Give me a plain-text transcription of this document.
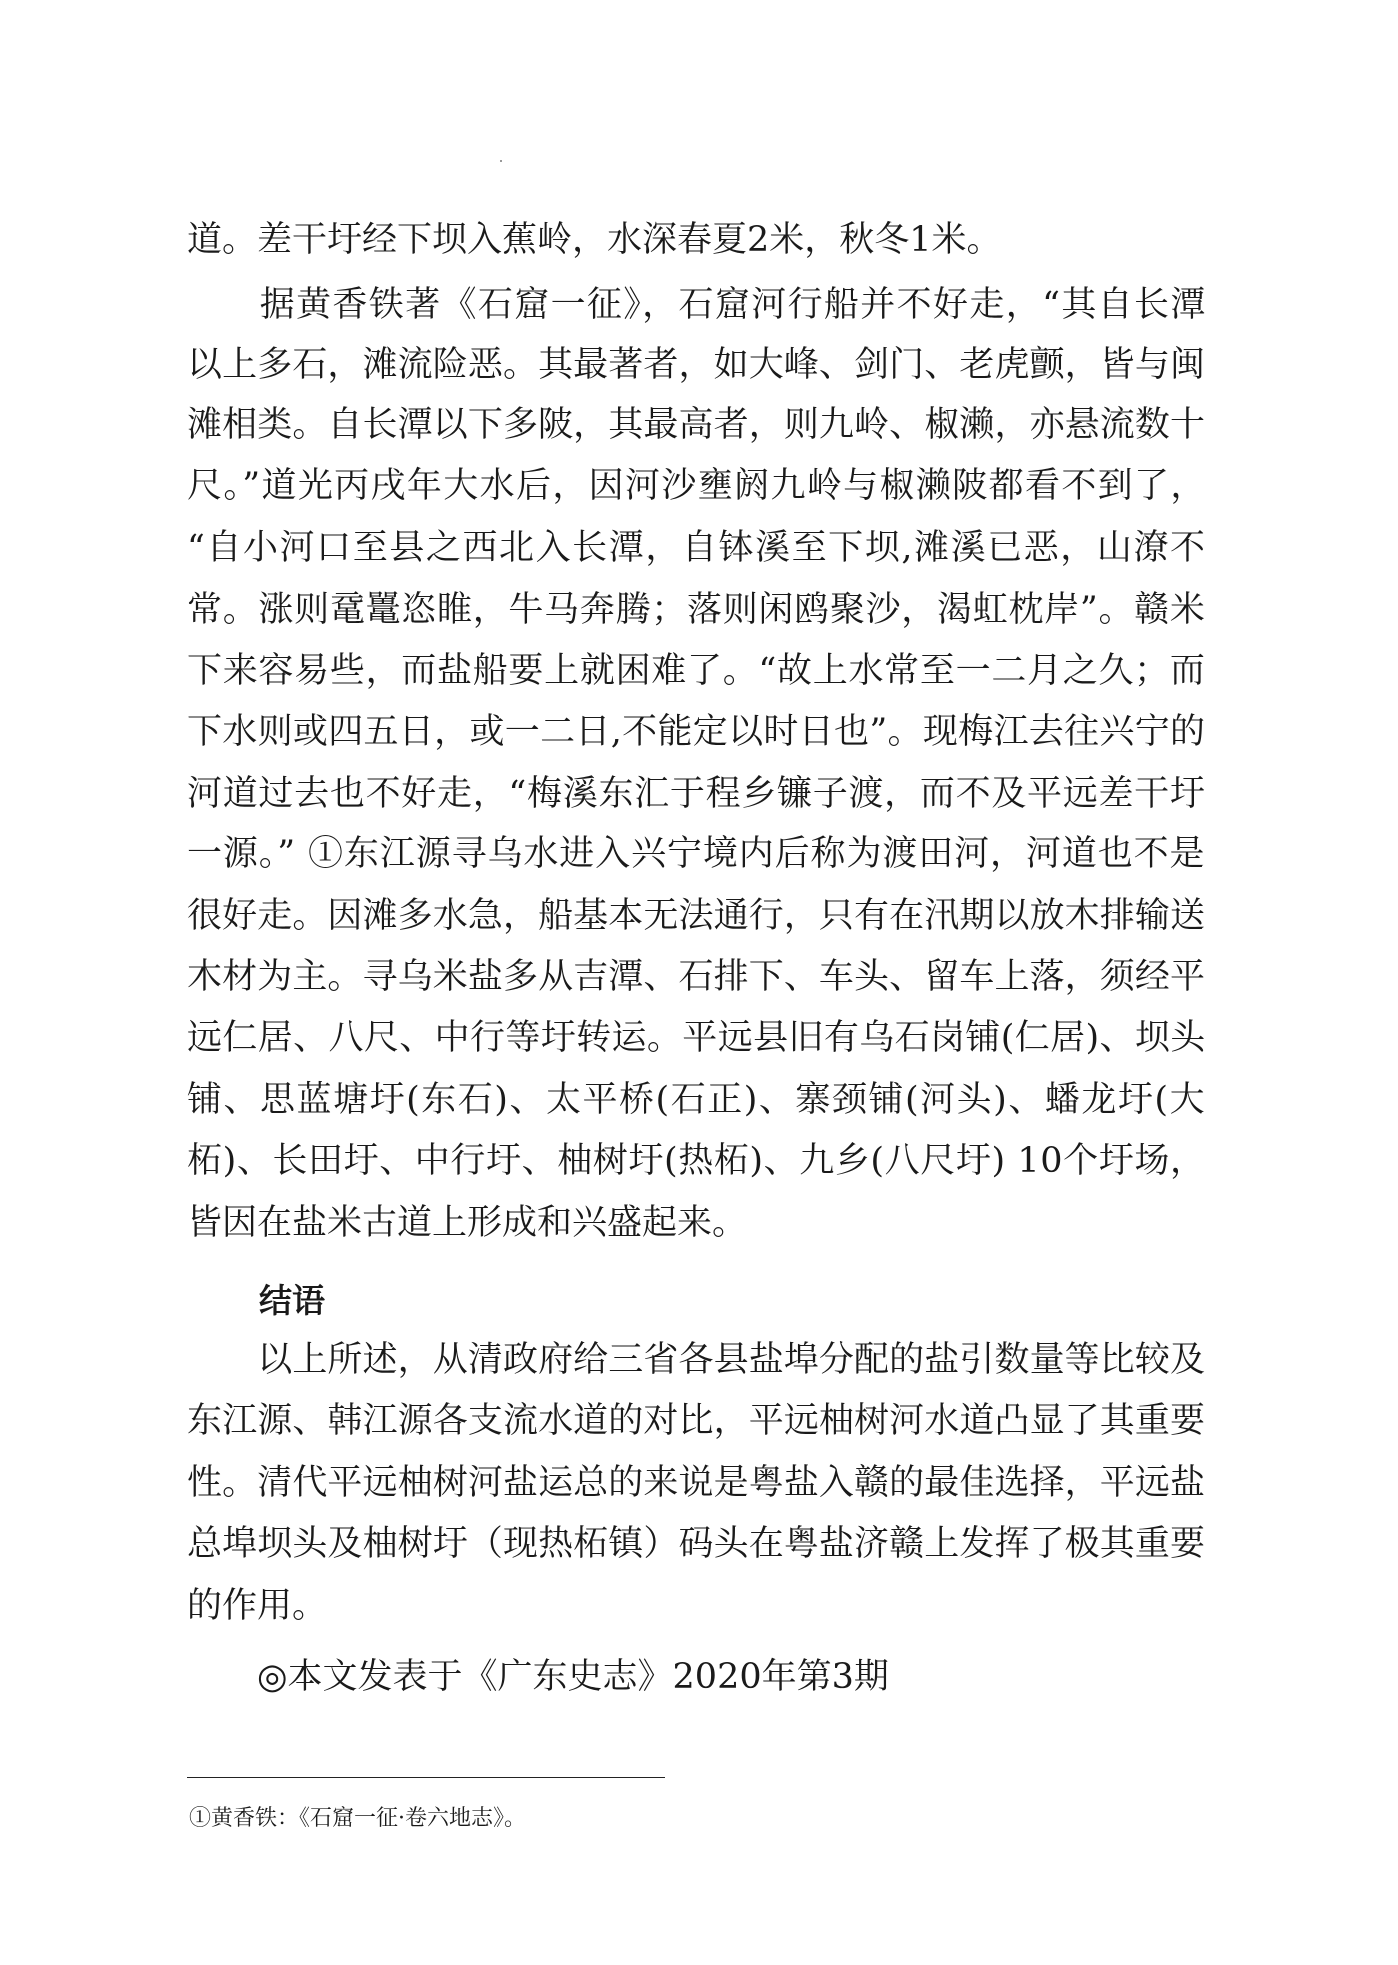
道。差干圩经下坝入蕉岭，水深春夏2米，秋冬1米。
　　据黄香铁著《石窟一征》，石窟河行船并不好走，“其自长潭
以上多石，滩流险恶。其最著者，如大峰、剑门、老虎颤，皆与闽
滩相类。自长潭以下多陂，其最高者，则九岭、椒濑，亦悬流数十
尺。”道光丙戌年大水后，因河沙壅阏九岭与椒濑陂都看不到了，
“自小河口至县之西北入长潭，自钵溪至下坝,滩溪已恶，山潦不
常。涨则鼋鼍恣睢，牛马奔腾；落则闲鸥聚沙，渴虹枕岸”。赣米
下来容易些，而盐船要上就困难了。“故上水常至一二月之久；而
下水则或四五日，或一二日,不能定以时日也”。现梅江去往兴宁的
河道过去也不好走，“梅溪东汇于程乡镰子渡，而不及平远差干圩
一源。” ①东江源寻乌水进入兴宁境内后称为渡田河，河道也不是
很好走。因滩多水急，船基本无法通行，只有在汛期以放木排输送
木材为主。寻乌米盐多从吉潭、石排下、车头、留车上落，须经平
远仁居、八尺、中行等圩转运。平远县旧有乌石岗铺(仁居)、坝头
铺、思蓝塘圩(东石)、太平桥(石正)、寨颈铺(河头)、蟠龙圩(大
柘)、长田圩、中行圩、柚树圩(热柘)、九乡(八尺圩) 10个圩场，
皆因在盐米古道上形成和兴盛起来。
结语
　　以上所述，从清政府给三省各县盐埠分配的盐引数量等比较及
东江源、韩江源各支流水道的对比，平远柚树河水道凸显了其重要
性。清代平远柚树河盐运总的来说是粤盐入赣的最佳选择，平远盐
总埠坝头及柚树圩（现热柘镇）码头在粤盐济赣上发挥了极其重要
的作用。
　　◎本文发表于《广东史志》2020年第3期
①黄香铁：《石窟一征·卷六地志》。
